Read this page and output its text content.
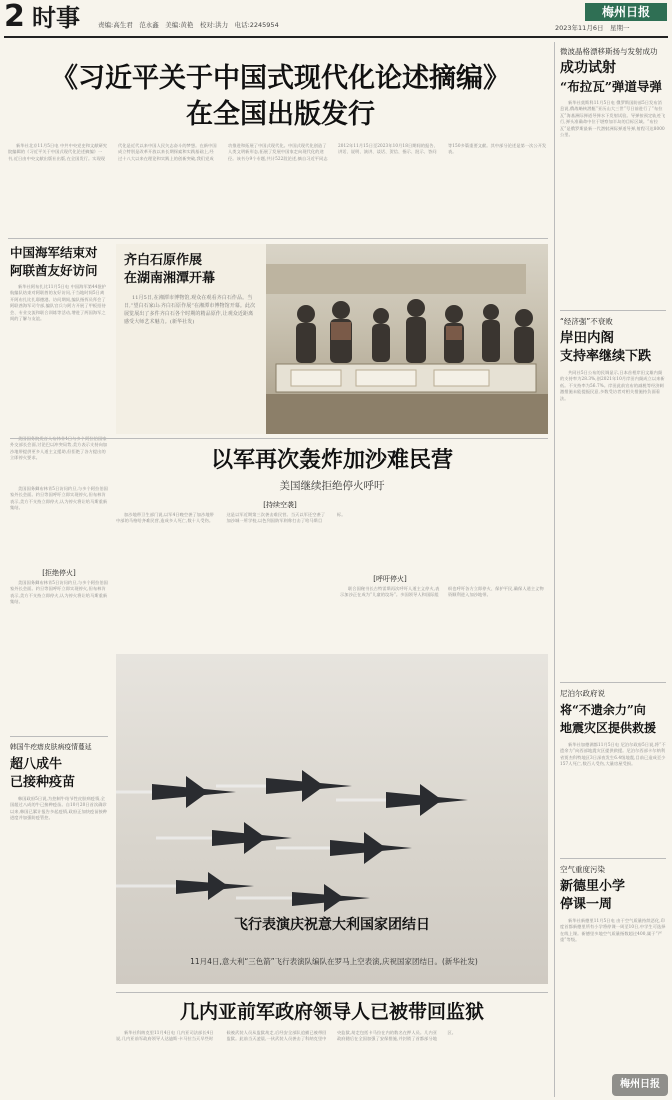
2 时事	责编:高生君　范永鑫　美编:黄艳　校对:洪力　电话:2245954
梅州日报
2023年11月6日　星期一
《习近平关于中国式现代化论述摘编》
在全国出版发行

新华社北京11月5日电 中共中央党史和文献研究院编辑的《习近平关于中国式现代化论述摘编》一书,近日由中央文献出版社出版,在全国发行。实现现代化是近代以来中国人民矢志奋斗的梦想。在新中国成立特别是改革开放以来长期探索和实践基础上,经过十八大以来在理论和实践上的创新突破,我们党成功推进和拓展了中国式现代化。中国式现代化创造了人类文明新形态,拓展了发展中国家走向现代化的途径。该书分9个专题,共计522段论述,摘自习近平同志2012年11月15日至2023年10月18日期间的报告、讲话、说明、演讲、谈话、贺信、指示、批示、答问等150多篇重要文献。其中部分论述是第一次公开发表。

微波晶格漂移斯扬与发射成功
成功试射
“布拉瓦”弹道导弹

新华社莫斯科11月5日电 俄罗斯国防部5日发布消息说,俄战略核潜艇“亚历山大三世”号日前进行了“布拉瓦”海基洲际弹道导弹水下发射试验。导弹按预定轨迹飞行,弹头准确命中位于堪察加半岛的目标区域。“布拉瓦”是俄罗斯最新一代潜射洲际弹道导弹,射程可达8000公里。

“经济强”不衰败
岸田内阁
支持率继续下跌

共同社5日公布的民调显示,日本首相岸田文雄内阁的支持率为28.3%,创2021年10月岸田内阁成立以来新低。不支持率为56.7%。岸田此前宣布的减税等经济刺激措施未能提振民意,多数受访者对相关措施持负面看法。

尼泊尔政府说
将“不遗余力”向
地震灾区提供救援

新华社加德满都11月5日电 尼泊尔政府5日说,将“不遗余力”向西部地震灾区提供救援。尼泊尔西部卡尔纳利省贾杰科特地区3日深夜发生6.4级地震,目前已造成至少157人死亡,数百人受伤,大量房屋受损。

空气重度污染
新德里小学
停课一周

新华社新德里11月5日电 由于空气质量持续恶化,印度首都新德里所有小学将停课一周至10日,中学生可选择在线上课。新德里多地空气质量指数超过400,属于“严重”等级。

中国海军结束对
阿联酋友好访问

新华社阿布扎比11月5日电 中国海军第44批护航编队结束对阿联酋的友好访问,于当地时间5日离开阿布扎比扎耶德港。访问期间,编队指挥员拜会了阿联酋海军司令部,编队官兵与阿方开展了甲板招待会、专业交流和联合训练等活动,增进了两国海军之间的了解与友谊。

外交部长会面,讨论巴以冲突局势,美方表示支持向加沙地带提供更多人道主义援助,但拒绝了各方提出的立即停火要求。

齐白石原作展
在湖南湘潭开幕

11月5日,在湘潭市博物馆,观众在观看齐白石作品。当日,“望白石家山:齐白石原作展”在湘潭市博物馆开幕。此次展览展出了多件齐白石各个时期的精品原作,让观众近距离感受大师艺术魅力。(新华社发)

以军再次轰炸加沙难民营
美国继续拒绝停火呼吁

美国国务卿布林肯5日访问约旦,与多个阿拉伯国家外长会面。约旦等国呼吁立即实现停火,但布林肯表示,美方不支持立即停火,认为停火将让哈马斯重新集结。

[拒绝停火]

美国国务卿布林肯5日访问约旦,与多个阿拉伯国家外长会面。约旦等国呼吁立即实现停火,但布林肯表示,美方不支持立即停火,认为停火将让哈马斯重新集结。

[持续空袭]

加沙地带卫生部门说,以军4日晚空袭了加沙地带中部的马格哈齐难民营,造成多人死亡,数十人受伤。这是以军近期第三次袭击难民营。当天以军还空袭了加沙城一所学校,以色列国防军则称打击了哈马斯目标。

[呼吁停火]

联合国秘书长古特雷斯再次呼吁人道主义停火,表示加沙正在成为“儿童的坟场”。多国领导人和国际组织也呼吁各方立即停火、保护平民,确保人道主义物资顺利进入加沙地带。

韩国牛疙瘩皮肤病疫情蔓延
超八成牛
已接种疫苗

韩国政府5日说,为控制牛结节性皮肤病疫情,全国超过八成的牛已接种疫苗。自10月20日首次确诊以来,韩国已累计报告多起疫情,政府正加快疫苗接种进度并加强防疫管控。

飞行表演庆祝意大利国家团结日
11月4日,意大利“三色箭”飞行表演队编队在罗马上空表演,庆祝国家团结日。(新华社发)
几内亚前军政府领导人已被带回监狱

新华社科纳克里11月4日电 几内亚司法部长4日说,几内亚前军政府领导人达迪斯·卡马拉当天早些时候被武装人员从监狱劫走,后经安全部队追捕已被带回监狱。此前当天凌晨,一伙武装人员袭击了科纳克里中央监狱,劫走包括卡马拉在内的数名在押人员。几内亚政府随后在全国加强了安保措施,并封锁了首都部分地区。

梅州日报
